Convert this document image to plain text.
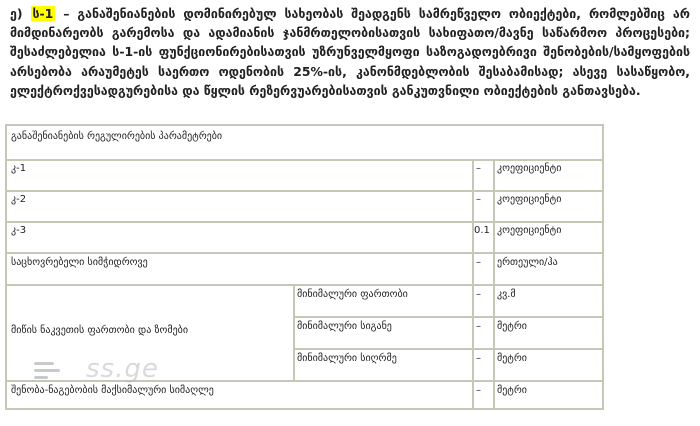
ე) ს-1 – განაშენიანების დომინირებულ სახეობას შეადგენს სამრეწველო ობიექტები, რომლებშიც არ მიმდინარეობს გარემოსა და ადამიანის ჯანმრთელობისათვის სახიფათო/მავნე საწარმოო პროცესები; შესაძლებელია ს-1-ის ფუნქციონირებისათვის უზრუნველმყოფი საზოგადოებრივი შენობების/სამყოფების არსებობა არაუმეტეს საერთო ოდენობის 25%-ის, კანონმდებლობის შესაბამისად; ასევე სასაწყობო, ელექტროქვესადგურებისა და წყლის რეზერვუარებისათვის განკუთვნილი ობიექტების განთავსება.
განაშენიანების რეგულირების პარამეტრები
კ-1	–	კოეფიციენტი
კ-2	–	კოეფიციენტი
კ-3	0.1 კოეფიციენტი
საცხოვრებელი სიმჭიდროვე	–	ერთეული/ჰა
მიწის ნაკვეთის ფართობი და ზომები
მინიმალური ფართობი	–	კვ.მ
მინიმალური სიგანე	–	მეტრი
მინიმალური სიღრმე	–	მეტრი
შენობა-ნაგებობის მაქსიმალური სიმაღლე	–	მეტრი
ss.ge
